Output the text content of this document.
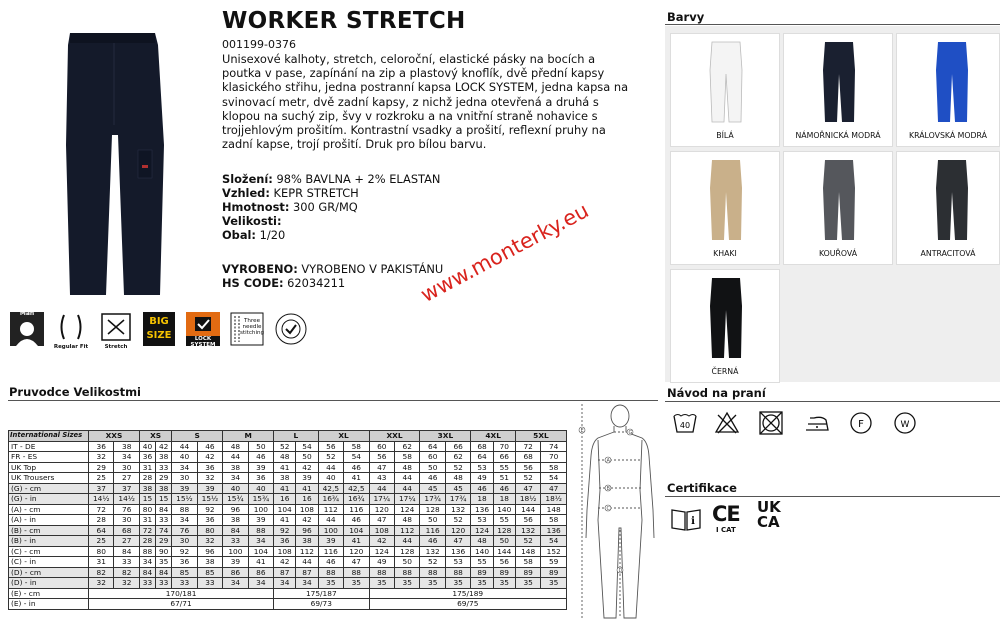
WORKER STRETCH
001199-0376
Unisexové kalhoty, stretch, celoroční, elastické pásky na bocích a poutka v pase, zapínání na zip a plastový knoflík, dvě přední kapsy klasického střihu, jedna postranní kapsa LOCK SYSTEM, jedna kapsa na svinovací metr, dvě zadní kapsy, z nichž jedna otevřená a druhá s klopou na suchý zip, švy v rozkroku a na vnitřní straně nohavice s trojjehlovým prošitím. Kontrastní vsadky a prošití, reflexní pruhy na zadní kapse, trojí prošití. Druk pro bílou barvu.
Složení: 98% BAVLNA + 2% ELASTAN
Vzhled: KEPR STRETCH
Hmotnost: 300 GR/MQ
Velikosti:
Obal: 1/20
VYROBENO: VYROBENO V PAKISTÁNU
HS CODE: 62034211
Man
Regular Fit	Stretch
BIG SIZE	LOCK SYSTEM
Three needle stitching
www.monterky.eu
Barvy
BÍLÁ	NÁMOŘNICKÁ MODRÁ	KRÁLOVSKÁ MODRÁ
KHAKI	KOUŘOVÁ	ANTRACITOVÁ
ČERNÁ
Návod na praní
40	F	W
Certifikace
i CE
I CAT
UK
CA
Pruvodce Velikostmi
International Sizes	XXS		XS		S		M		L		XL		XXL		3XL		4XL		5XL	
IT - DE	36	38	40	42	44	46	48	50	52	54	56	58	60	62	64	66	68	70	72	74
FR - ES	32	34	36	38	40	42	44	46	48	50	52	54	56	58	60	62	64	66	68	70
UK Top	29	30	31	33	34	36	38	39	41	42	44	46	47	48	50	52	53	55	56	58
UK Trousers	25	27	28	29	30	32	34	36	38	39	40	41	43	44	46	48	49	51	52	54
(G) - cm	37	37	38	38	39	39	40	40	41	41	42,5	42,5	44	44	45	45	46	46	47	47
(G) - in	14½	14½	15	15	15½	15½	15¾	15¾	16	16	16¾	16¾	17¼	17¼	17¾	17¾	18	18	18½	18½
(A) - cm	72	76	80	84	88	92	96	100	104	108	112	116	120	124	128	132	136	140	144	148
(A) - in	28	30	31	33	34	36	38	39	41	42	44	46	47	48	50	52	53	55	56	58
(B) - cm	64	68	72	74	76	80	84	88	92	96	100	104	108	112	116	120	124	128	132	136
(B) - in	25	27	28	29	30	32	33	34	36	38	39	41	42	44	46	47	48	50	52	54
(C) - cm	80	84	88	90	92	96	100	104	108	112	116	120	124	128	132	136	140	144	148	152
(C) - in	31	33	34	35	36	38	39	41	42	44	46	47	49	50	52	53	55	56	58	59
(D) - cm	82	82	84	84	85	85	86	86	87	87	88	88	88	88	88	88	89	89	89	89
(D) - in	32	32	33	33	33	33	34	34	34	34	35	35	35	35	35	35	35	35	35	35
(E) - cm	170/181								175/187				175/189							
(E) - in	67/71								69/73				69/75							
E	G
A
B
C
D
